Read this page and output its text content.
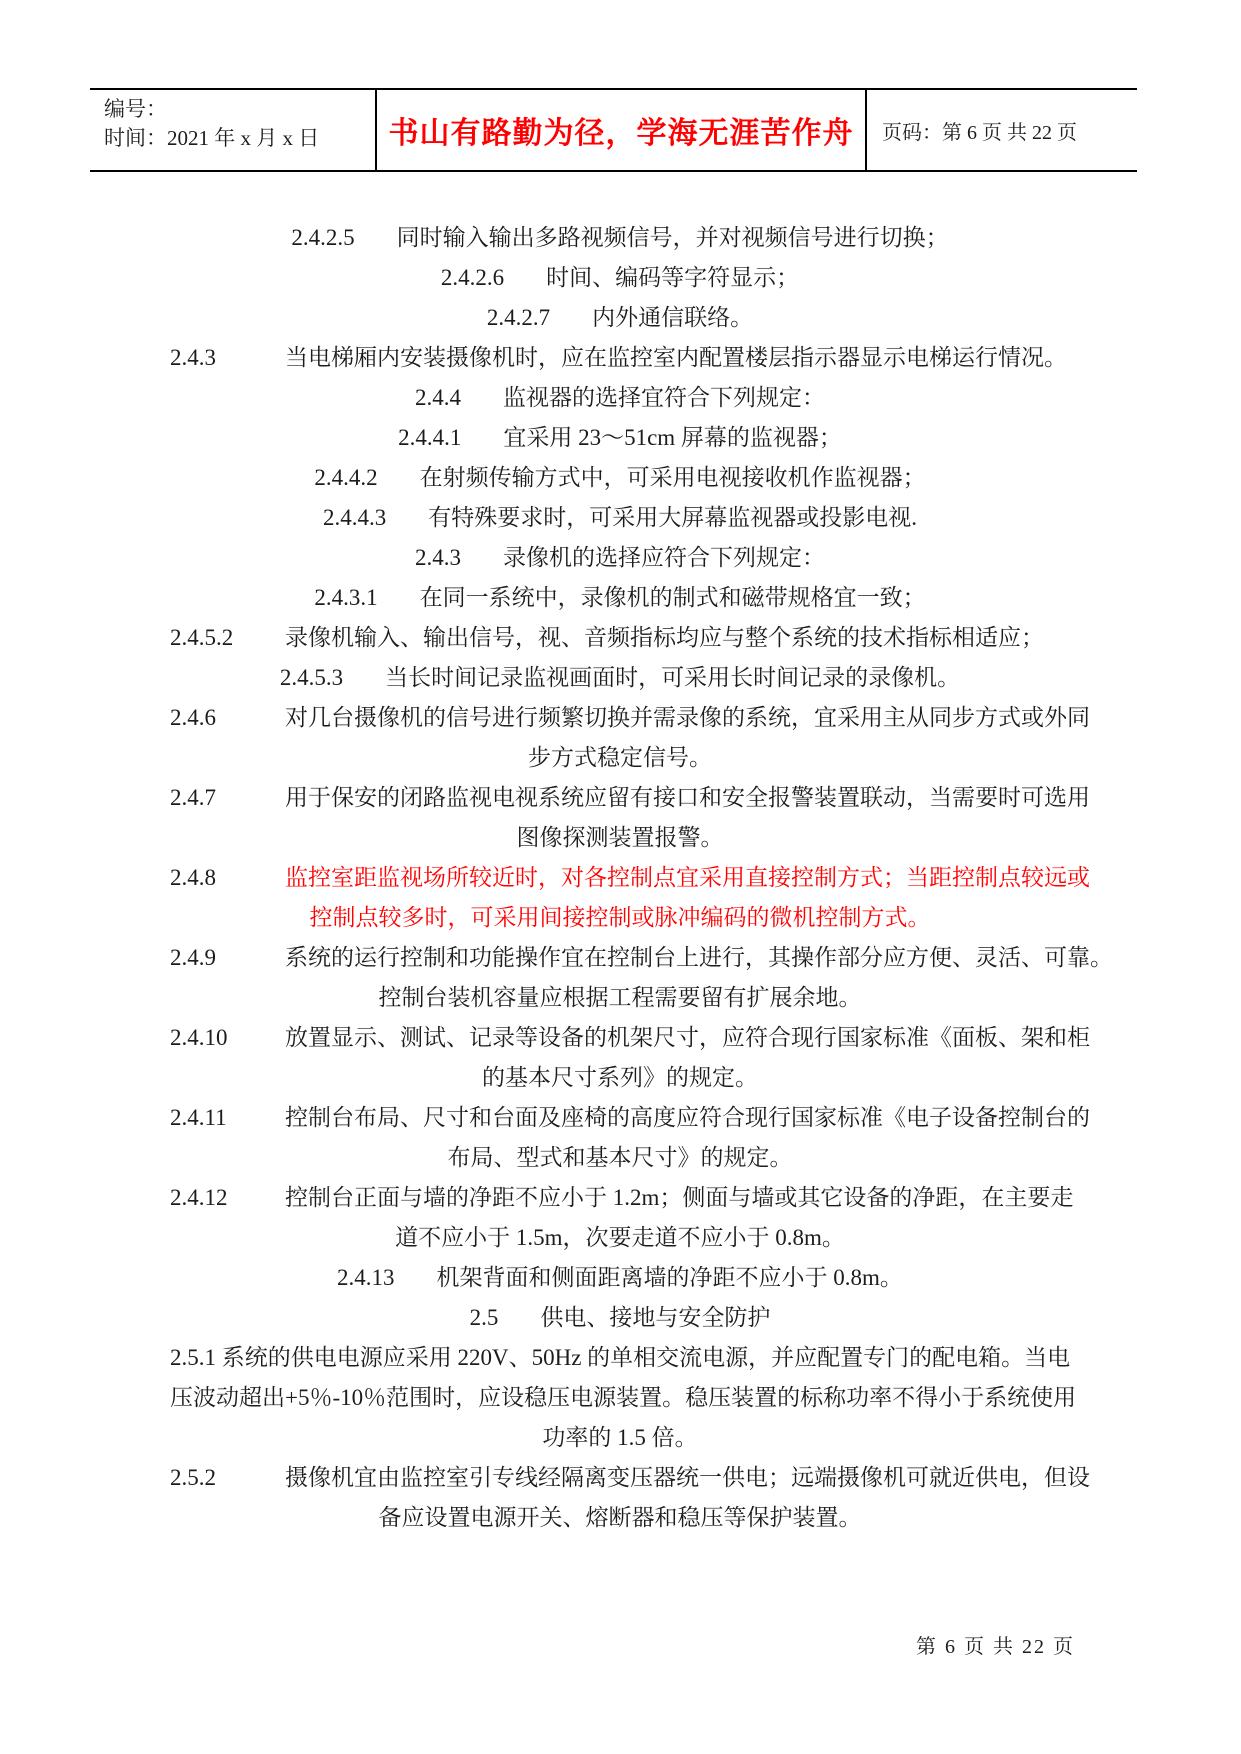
编号：
时间：2021 年 x 月 x 日	书山有路勤为径，学海无涯苦作舟 页码：第 6 页 共 22 页
2.4.2.5 同时输入输出多路视频信号，并对视频信号进行切换；
2.4.2.6 时间、编码等字符显示；
2.4.2.7 内外通信联络。
2.4.3	当电梯厢内安装摄像机时，应在监控室内配置楼层指示器显示电梯运行情况。
2.4.4 监视器的选择宜符合下列规定：
2.4.4.1 宜采用 23～51cm 屏幕的监视器；
2.4.4.2 在射频传输方式中，可采用电视接收机作监视器；
2.4.4.3 有特殊要求时，可采用大屏幕监视器或投影电视.
2.4.3 录像机的选择应符合下列规定：
2.4.3.1 在同一系统中，录像机的制式和磁带规格宜一致；
2.4.5.2 录像机输入、输出信号，视、音频指标均应与整个系统的技术指标相适应；
2.4.5.3 当长时间记录监视画面时，可采用长时间记录的录像机。
2.4.6	对几台摄像机的信号进行频繁切换并需录像的系统，宜采用主从同步方式或外同
步方式稳定信号。
2.4.7	用于保安的闭路监视电视系统应留有接口和安全报警装置联动，当需要时可选用
图像探测装置报警。
2.4.8	监控室距监视场所较近时，对各控制点宜采用直接控制方式；当距控制点较远或
控制点较多时，可采用间接控制或脉冲编码的微机控制方式。
2.4.9	系统的运行控制和功能操作宜在控制台上进行，其操作部分应方便、灵活、可靠。
控制台装机容量应根据工程需要留有扩展余地。
2.4.10	放置显示、测试、记录等设备的机架尺寸，应符合现行国家标准《面板、架和柜
的基本尺寸系列》的规定。
2.4.11	控制台布局、尺寸和台面及座椅的高度应符合现行国家标准《电子设备控制台的
布局、型式和基本尺寸》的规定。
2.4.12	控制台正面与墙的净距不应小于 1.2m；侧面与墙或其它设备的净距，在主要走
道不应小于 1.5m，次要走道不应小于 0.8m。
2.4.13 机架背面和侧面距离墙的净距不应小于 0.8m。
2.5 供电、接地与安全防护
2.5.1 系统的供电电源应采用 220V、50Hz 的单相交流电源，并应配置专门的配电箱。当电
压波动超出+5％-10％范围时，应设稳压电源装置。稳压装置的标称功率不得小于系统使用
功率的 1.5 倍。
2.5.2	摄像机宜由监控室引专线经隔离变压器统一供电；远端摄像机可就近供电，但设
备应设置电源开关、熔断器和稳压等保护装置。
第 6 页 共 22 页
